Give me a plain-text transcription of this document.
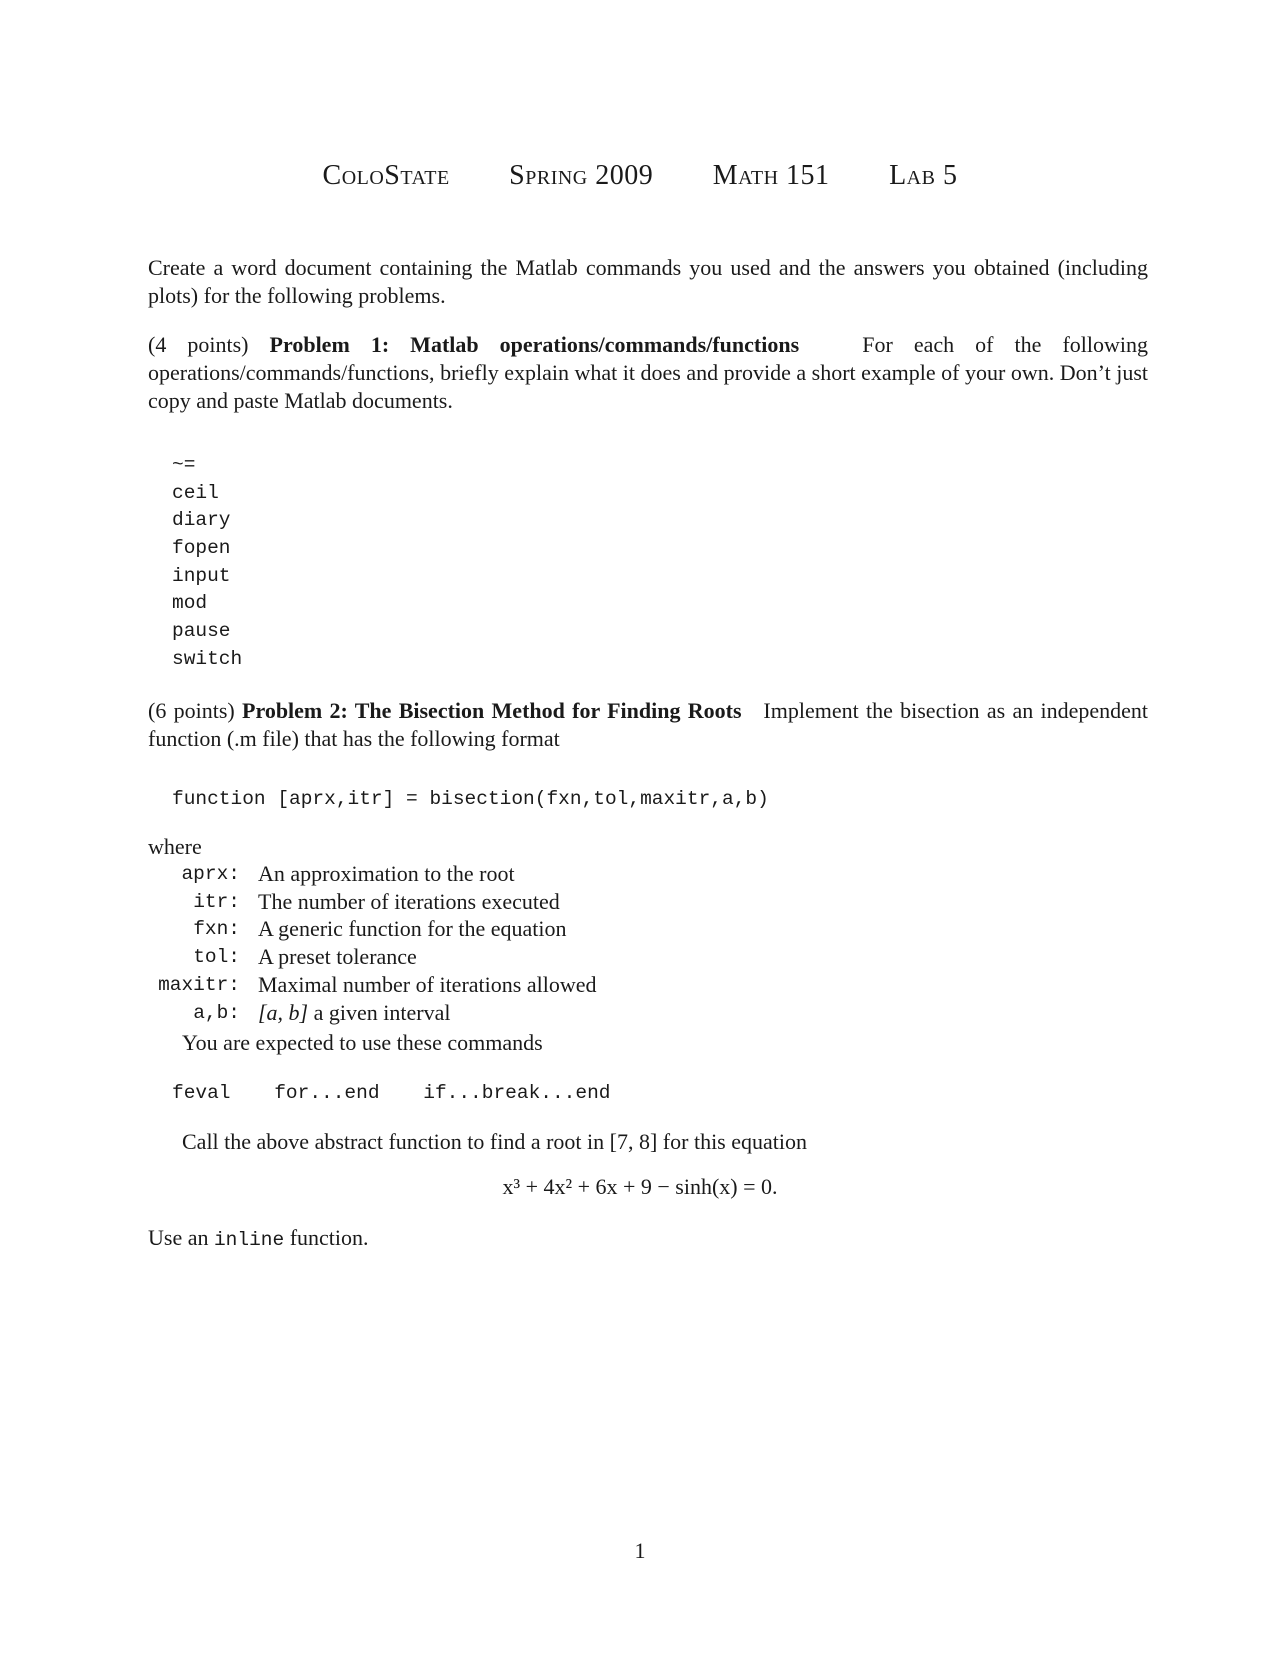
ColoState Spring 2009 Math 151 Lab 5
Create a word document containing the Matlab commands you used and the answers you obtained (including plots) for the following problems.
(4 points) Problem 1: Matlab operations/commands/functions	For each of the following operations/commands/functions, briefly explain what it does and provide a short example of your own. Don’t just copy and paste Matlab documents.
~=
ceil
diary
fopen
input
mod
pause
switch
(6 points) Problem 2: The Bisection Method for Finding Roots Implement the bisection as an independent function (.m file) that has the following format
function [aprx,itr] = bisection(fxn,tol,maxitr,a,b)
where
aprx:	An approximation to the root
itr:	The number of iterations executed
fxn:	A generic function for the equation
tol:	A preset tolerance
maxitr:	Maximal number of iterations allowed
a,b:	[a, b] a given interval
You are expected to use these commands
feval for...end if...break...end
Call the above abstract function to find a root in [7, 8] for this equation
x³ + 4x² + 6x + 9 − sinh(x) = 0.
Use an inline function.
1
